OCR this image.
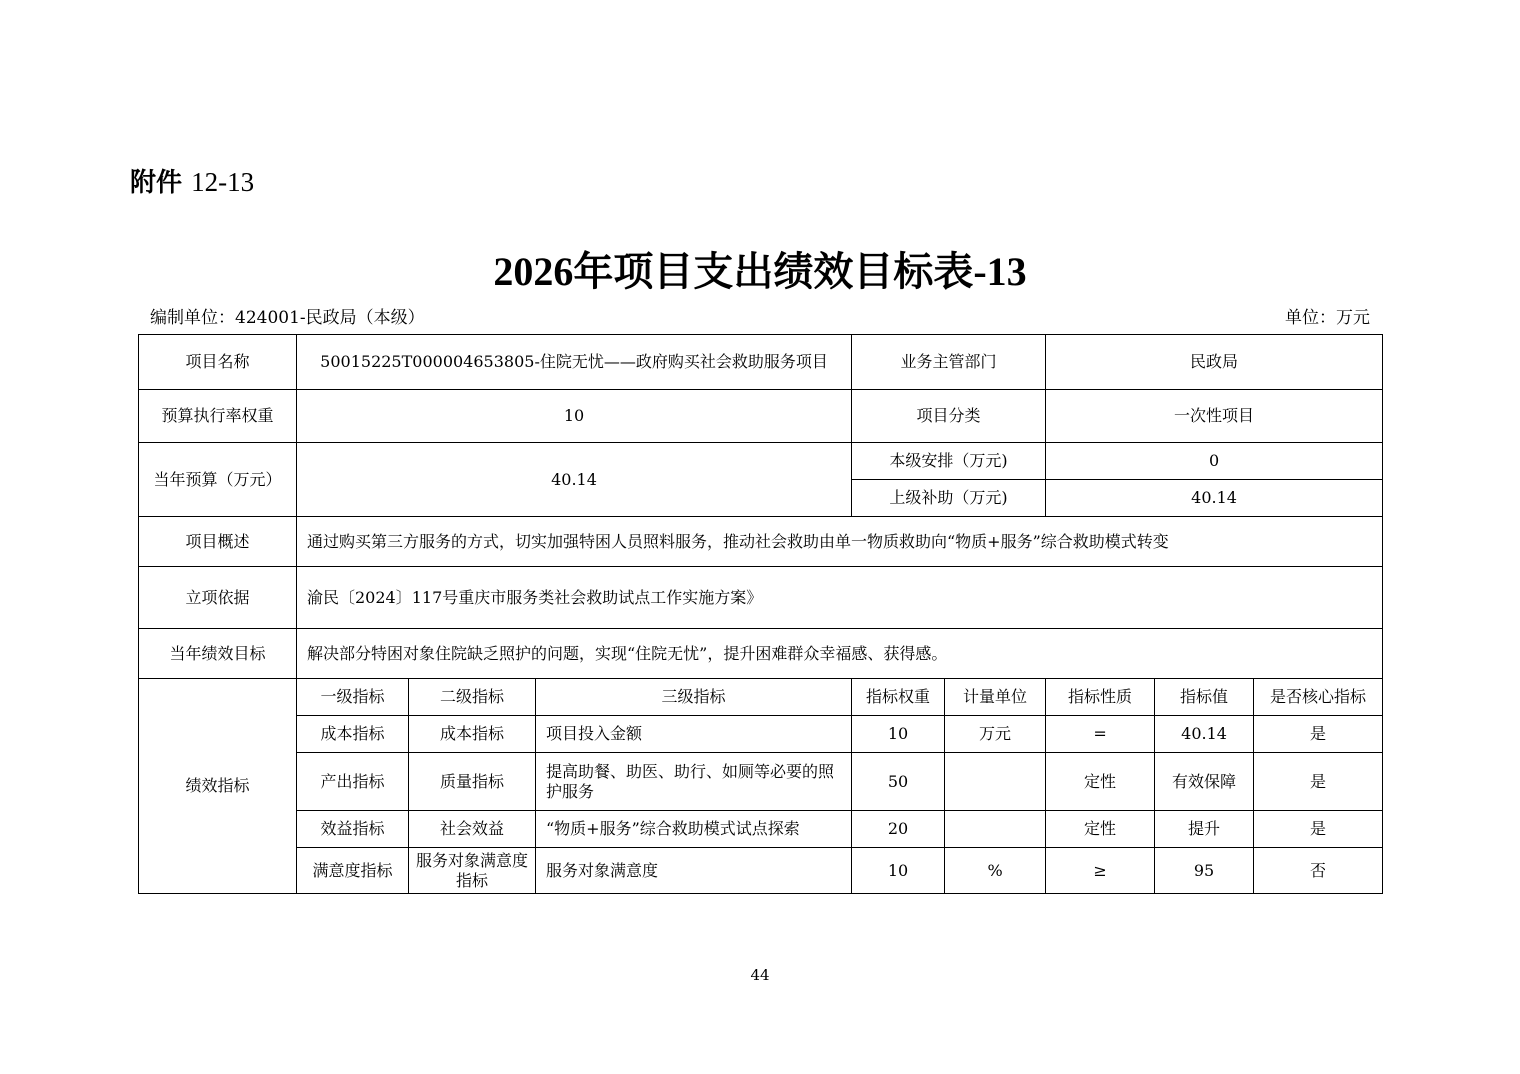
附件 12-13
2026年项目支出绩效目标表-13
编制单位：424001-民政局（本级）	单位：万元
项目名称	50015225T000004653805-住院无忧——政府购买社会救助服务项目			业务主管部门		民政局		
预算执行率权重	10			项目分类		一次性项目		
当年预算（万元）	40.14			本级安排（万元)		0		
				上级补助（万元)		40.14		
项目概述	通过购买第三方服务的方式，切实加强特困人员照料服务，推动社会救助由单一物质救助向“物质+服务”综合救助模式转变							
立项依据	渝民〔2024〕117号重庆市服务类社会救助试点工作实施方案》							
当年绩效目标	解决部分特困对象住院缺乏照护的问题，实现“住院无忧”，提升困难群众幸福感、获得感。							
绩效指标	一级指标	二级指标	三级指标	指标权重	计量单位	指标性质	指标值	是否核心指标
	成本指标	成本指标	项目投入金额	10	万元	=	40.14	是
	产出指标	质量指标	提高助餐、助医、助行、如厕等必要的照护服务	50		定性	有效保障	是
	效益指标	社会效益	“物质+服务”综合救助模式试点探索	20		定性	提升	是
	满意度指标	服务对象满意度指标	服务对象满意度	10	%	≥	95	否
44
